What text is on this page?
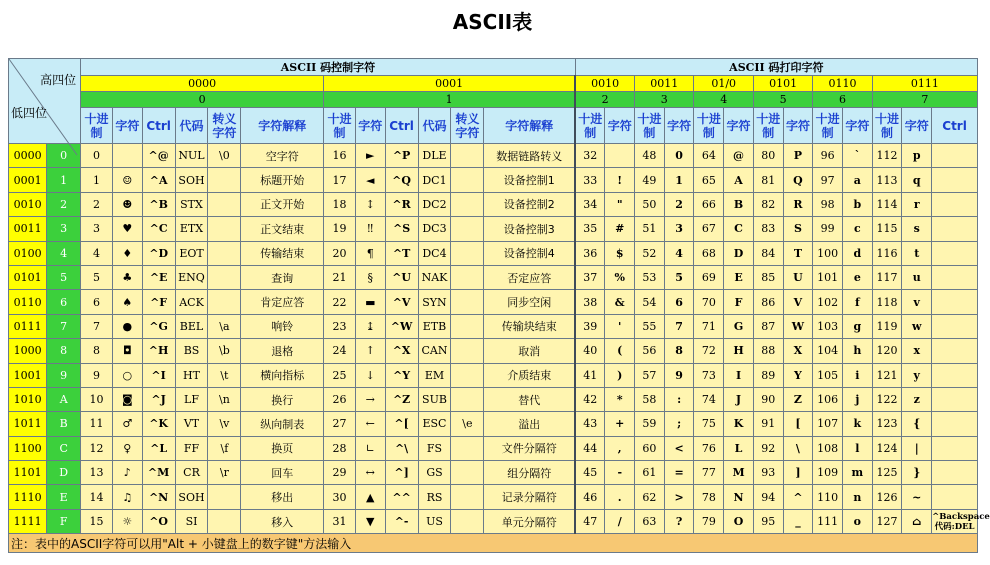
ASCII表
高四位
低四位		ASCII 码控制字符												ASCII 码打印字符												
		0000						0001						0010		0011		01/0		0101		0110		0111		
		0						1						2		3		4		5		6		7		
		十进制	字符	Ctrl	代码	转义字符	字符解释	十进制	字符	Ctrl	代码	转义字符	字符解释	十进制	字符	十进制	字符	十进制	字符	十进制	字符	十进制	字符	十进制	字符	Ctrl
0000	0	0		^@	NUL	\0	空字符	16	►	^P	DLE		数据链路转义	32		48	0	64	@	80	P	96	`	112	p	
0001	1	1	☺	^A	SOH		标题开始	17	◄	^Q	DC1		设备控制1	33	!	49	1	65	A	81	Q	97	a	113	q	
0010	2	2	☻	^B	STX		正文开始	18	↕	^R	DC2		设备控制2	34	"	50	2	66	B	82	R	98	b	114	r	
0011	3	3	♥	^C	ETX		正文结束	19	‼	^S	DC3		设备控制3	35	#	51	3	67	C	83	S	99	c	115	s	
0100	4	4	♦	^D	EOT		传输结束	20	¶	^T	DC4		设备控制4	36	$	52	4	68	D	84	T	100	d	116	t	
0101	5	5	♣	^E	ENQ		查询	21	§	^U	NAK		否定应答	37	%	53	5	69	E	85	U	101	e	117	u	
0110	6	6	♠	^F	ACK		肯定应答	22	▬	^V	SYN		同步空闲	38	&	54	6	70	F	86	V	102	f	118	v	
0111	7	7	●	^G	BEL	\a	响铃	23	↨	^W	ETB		传输块结束	39	'	55	7	71	G	87	W	103	g	119	w	
1000	8	8	◘	^H	BS	\b	退格	24	↑	^X	CAN		取消	40	(	56	8	72	H	88	X	104	h	120	x	
1001	9	9	○	^I	HT	\t	横向指标	25	↓	^Y	EM		介质结束	41	)	57	9	73	I	89	Y	105	i	121	y	
1010	A	10	◙	^J	LF	\n	换行	26	→	^Z	SUB		替代	42	*	58	:	74	J	90	Z	106	j	122	z	
1011	B	11	♂	^K	VT	\v	纵向制表	27	←	^[	ESC	\e	溢出	43	+	59	;	75	K	91	[	107	k	123	{	
1100	C	12	♀	^L	FF	\f	换页	28	∟	^\	FS		文件分隔符	44	,	60	<	76	L	92	\	108	l	124	|	
1101	D	13	♪	^M	CR	\r	回车	29	↔	^]	GS		组分隔符	45	-	61	=	77	M	93	]	109	m	125	}	
1110	E	14	♫	^N	SOH		移出	30	▲	^^	RS		记录分隔符	46	.	62	>	78	N	94	^	110	n	126	~	
1111	F	15	☼	^O	SI		移入	31	▼	^-	US		单元分隔符	47	/	63	?	79	O	95	_	111	o	127	⌂	^Backspace 代码:DEL
注：表中的ASCII字符可以用"Alt + 小键盘上的数字键"方法输入																										
